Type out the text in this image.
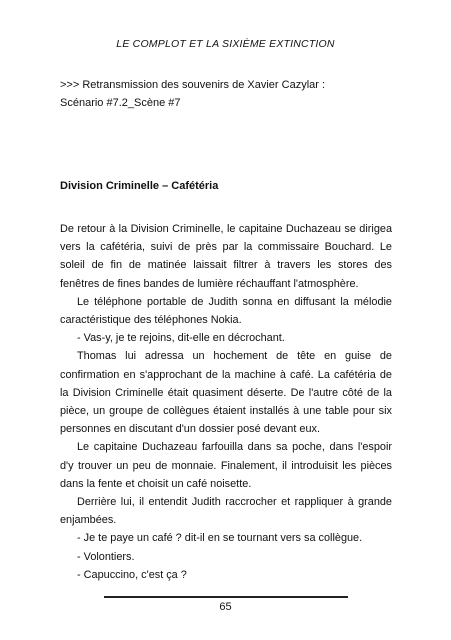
LE COMPLOT ET LA SIXIÈME EXTINCTION
>>> Retransmission des souvenirs de Xavier Cazylar :
Scénario #7.2_Scène #7
Division Criminelle – Cafétéria

De retour à la Division Criminelle, le capitaine Duchazeau se dirigea vers la cafétéria, suivi de près par la commissaire Bouchard. Le soleil de fin de matinée laissait filtrer à travers les stores des fenêtres de fines bandes de lumière réchauffant l'atmosphère.

Le téléphone portable de Judith sonna en diffusant la mélodie caractéristique des téléphones Nokia.

- Vas-y, je te rejoins, dit-elle en décrochant.

Thomas lui adressa un hochement de tête en guise de confirmation en s'approchant de la machine à café. La cafétéria de la Division Criminelle était quasiment déserte. De l'autre côté de la pièce, un groupe de collègues étaient installés à une table pour six personnes en discutant d'un dossier posé devant eux.

Le capitaine Duchazeau farfouilla dans sa poche, dans l'espoir d'y trouver un peu de monnaie. Finalement, il introduisit les pièces dans la fente et choisit un café noisette.

Derrière lui, il entendit Judith raccrocher et rappliquer à grande enjambées.

- Je te paye un café ? dit-il en se tournant vers sa collègue.

- Volontiers.

- Capuccino, c'est ça ?

65
